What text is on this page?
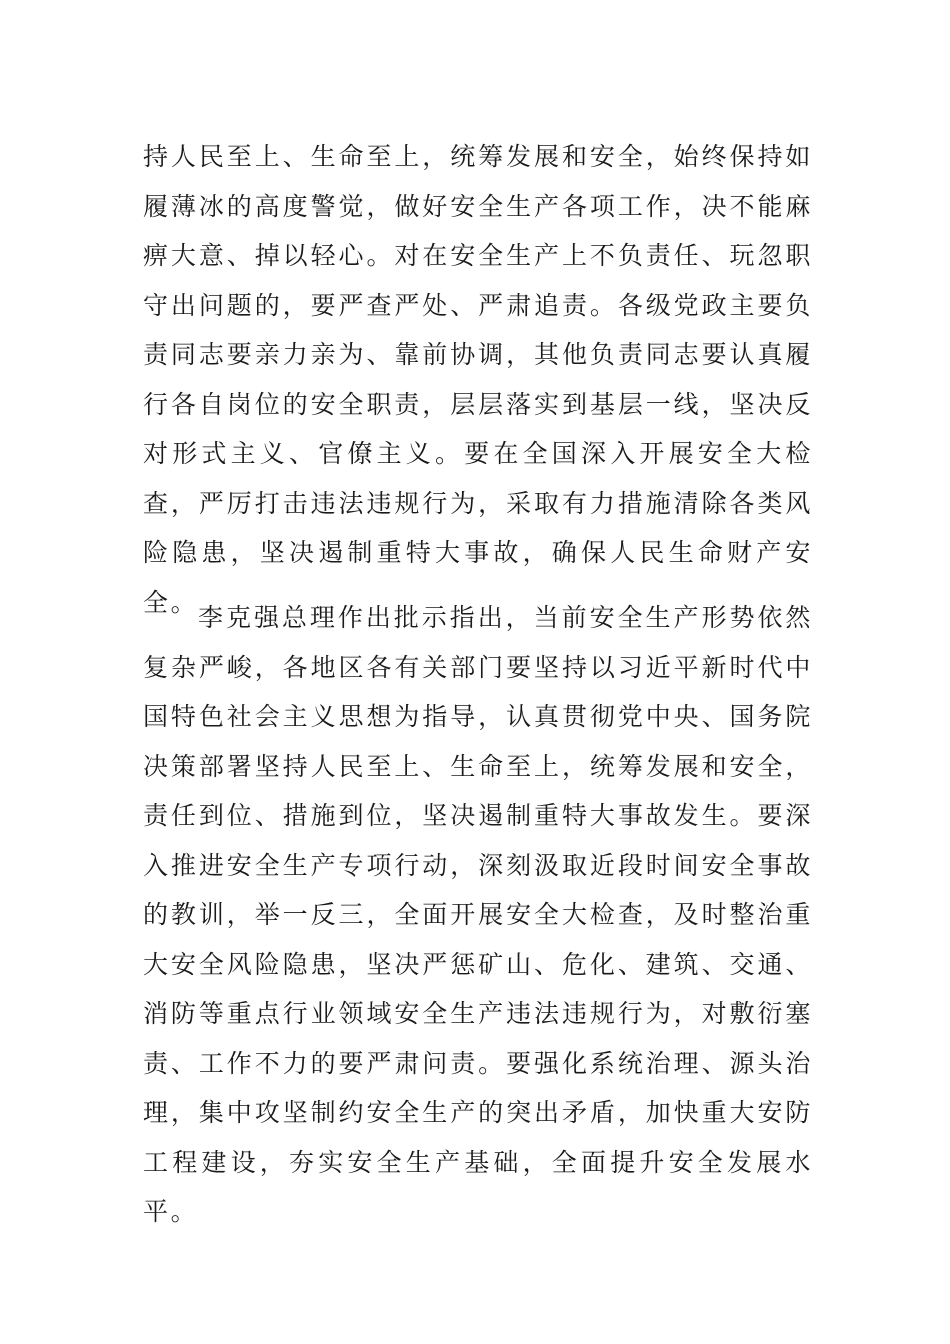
持人民至上、生命至上，统筹发展和安全，始终保持如履薄冰的高度警觉，做好安全生产各项工作，决不能麻痹大意、掉以轻心。对在安全生产上不负责任、玩忽职守出问题的，要严查严处、严肃追责。各级党政主要负责同志要亲力亲为、靠前协调，其他负责同志要认真履行各自岗位的安全职责，层层落实到基层一线，坚决反对形式主义、官僚主义。要在全国深入开展安全大检查，严厉打击违法违规行为，采取有力措施清除各类风险隐患，坚决遏制重特大事故，确保人民生命财产安全。

李克强总理作出批示指出，当前安全生产形势依然复杂严峻，各地区各有关部门要坚持以习近平新时代中国特色社会主义思想为指导，认真贯彻党中央、国务院决策部署坚持人民至上、生命至上，统筹发展和安全，责任到位、措施到位，坚决遏制重特大事故发生。要深入推进安全生产专项行动，深刻汲取近段时间安全事故的教训，举一反三，全面开展安全大检查，及时整治重大安全风险隐患，坚决严惩矿山、危化、建筑、交通、消防等重点行业领域安全生产违法违规行为，对敷衍塞责、工作不力的要严肃问责。要强化系统治理、源头治理，集中攻坚制约安全生产的突出矛盾，加快重大安防工程建设，夯实安全生产基础，全面提升安全发展水平。
